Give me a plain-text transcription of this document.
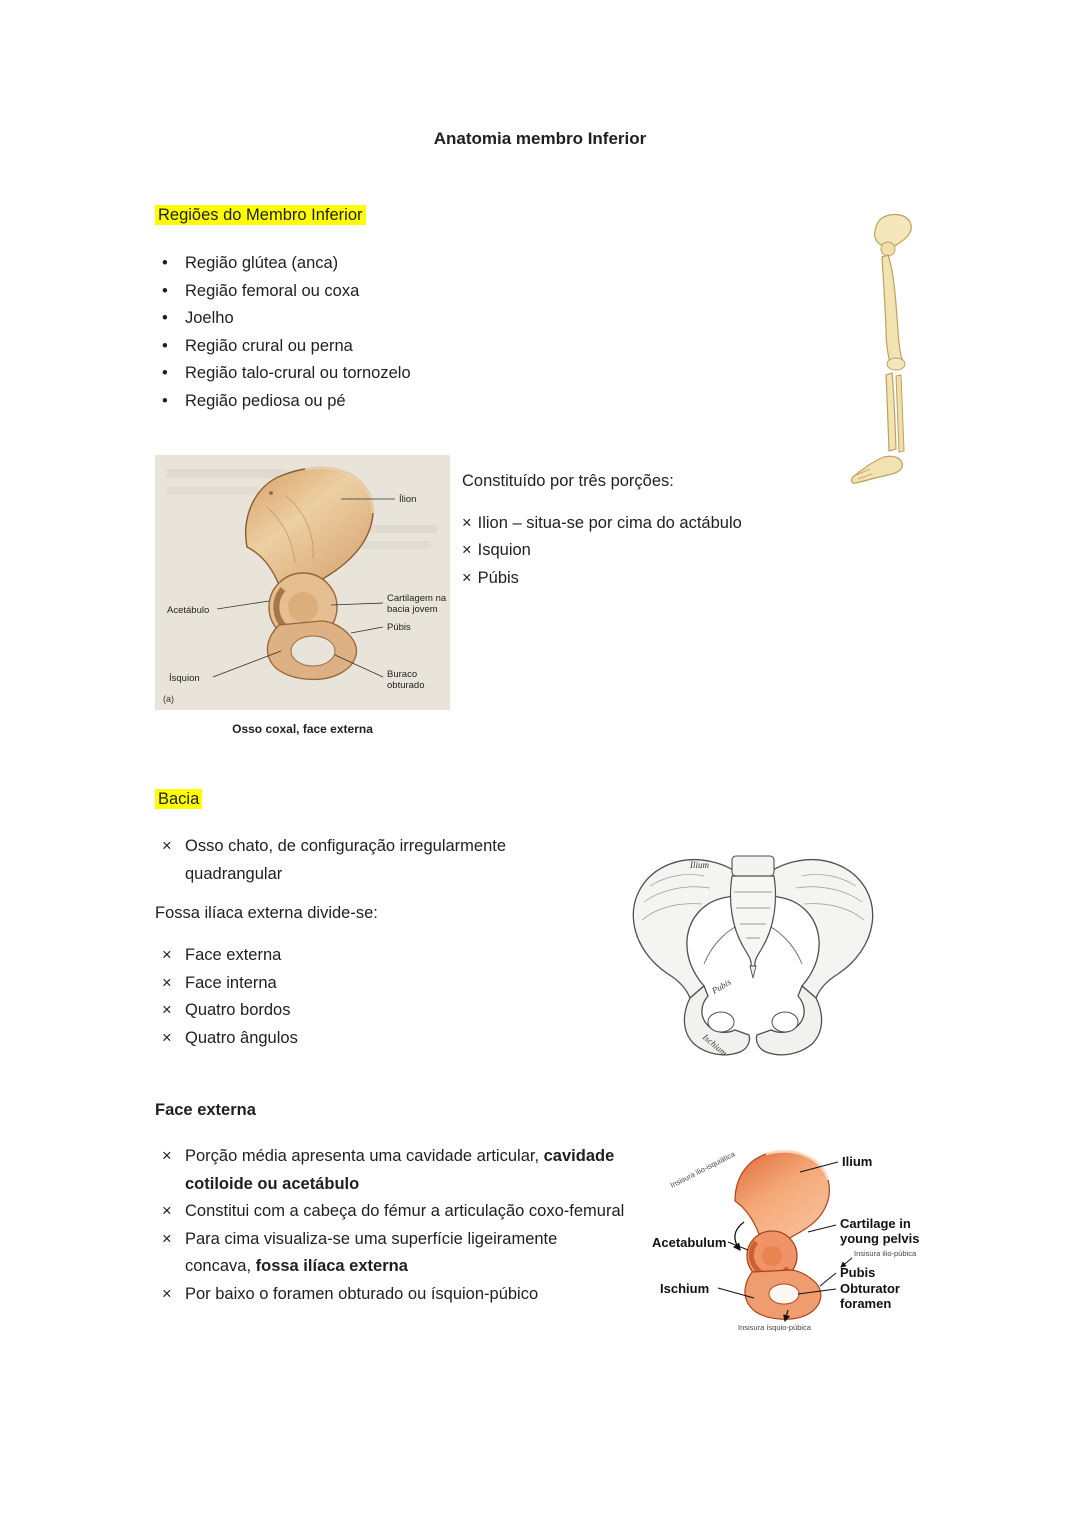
Anatomia membro Inferior
Regiões do Membro Inferior
•	Região glútea (anca)
•	Região femoral ou coxa
•	Joelho
•	Região crural ou perna
•	Região talo-crural ou tornozelo
•	Região pediosa ou pé
Ílion
Acetábulo
Cartilagem na
bacia jovem
Púbis
Ísquion	Buraco
obturado
(a)
Osso coxal, face externa
Constituído por três porções:
× Ilion – situa-se por cima do actábulo
× Isquion
× Púbis
Bacia
× Osso chato, de configuração irregularmente quadrangular
Fossa ilíaca externa divide-se:
× Face externa
× Face interna
× Quatro bordos
× Quatro ângulos
Ilium
Pubis
Ischium
Face externa
× Porção média apresenta uma cavidade articular, cavidade cotiloide ou acetábulo
× Constitui com a cabeça do fémur a articulação coxo-femural
× Para cima visualiza-se uma superfície ligeiramente concava, fossa ilíaca externa
× Por baixo o foramen obturado ou ísquion-púbico
Ilium
Insisura ilio-isquiática
Acetabulum
Cartilage in
young pelvis
Insisura ilio-púbica
Pubis
Obturator
foramen
Ischium
Insisura ísquio-púbica
